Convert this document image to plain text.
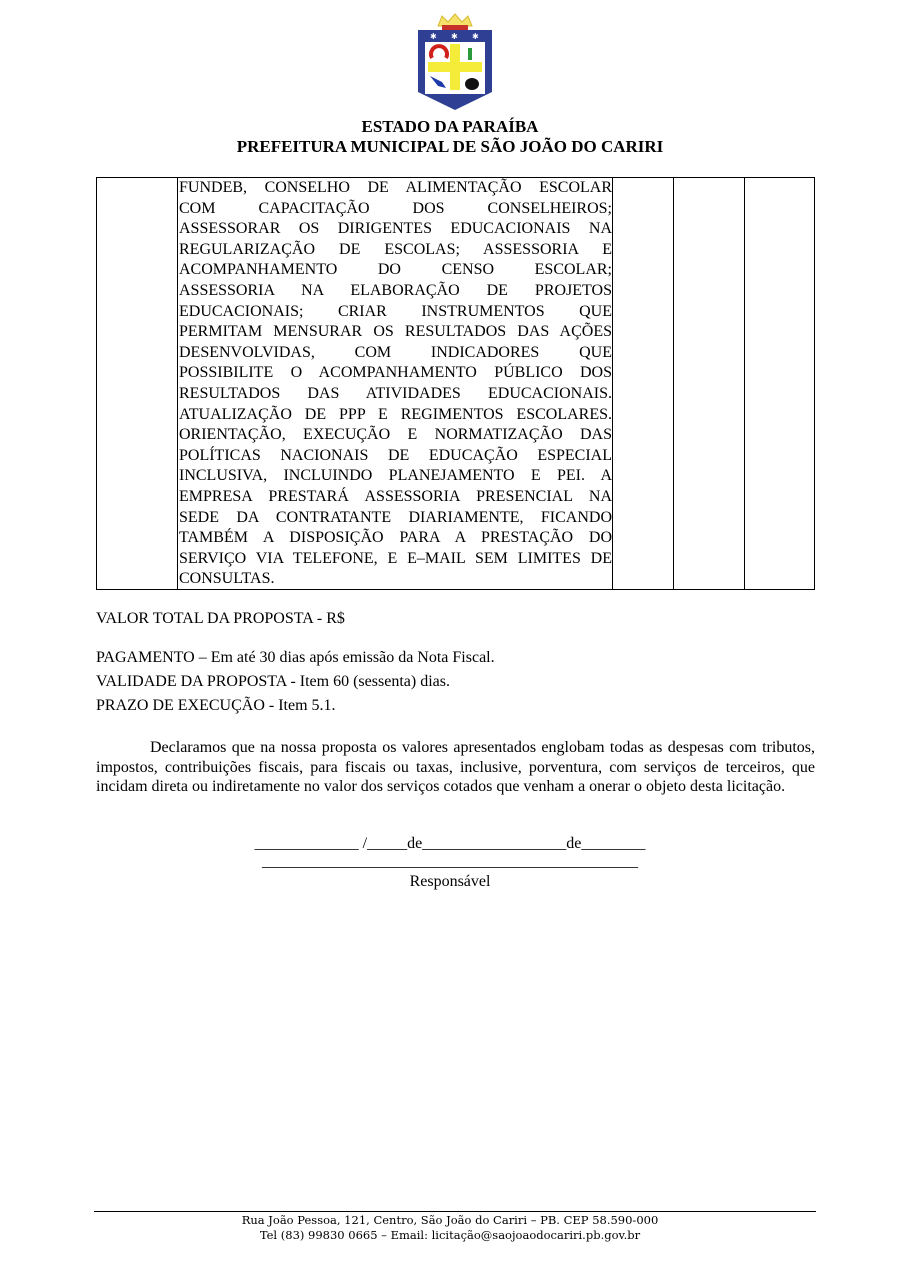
✱ ✱ ✱
ESTADO DA PARAÍBA
PREFEITURA MUNICIPAL DE SÃO JOÃO DO CARIRI
FUNDEB, CONSELHO DE ALIMENTAÇÃO ESCOLAR
COM CAPACITAÇÃO DOS CONSELHEIROS;
ASSESSORAR OS DIRIGENTES EDUCACIONAIS NA
REGULARIZAÇÃO DE ESCOLAS; ASSESSORIA E
ACOMPANHAMENTO DO CENSO ESCOLAR;
ASSESSORIA NA ELABORAÇÃO DE PROJETOS
EDUCACIONAIS; CRIAR INSTRUMENTOS QUE
PERMITAM MENSURAR OS RESULTADOS DAS AÇÕES
DESENVOLVIDAS, COM INDICADORES QUE
POSSIBILITE O ACOMPANHAMENTO PÚBLICO DOS
RESULTADOS DAS ATIVIDADES EDUCACIONAIS.
ATUALIZAÇÃO DE PPP E REGIMENTOS ESCOLARES.
ORIENTAÇÃO, EXECUÇÃO E NORMATIZAÇÃO DAS
POLÍTICAS NACIONAIS DE EDUCAÇÃO ESPECIAL
INCLUSIVA, INCLUINDO PLANEJAMENTO E PEI. A
EMPRESA PRESTARÁ ASSESSORIA PRESENCIAL NA
SEDE DA CONTRATANTE DIARIAMENTE, FICANDO
TAMBÉM A DISPOSIÇÃO PARA A PRESTAÇÃO DO
SERVIÇO VIA TELEFONE, E E–MAIL SEM LIMITES DE
CONSULTAS.
VALOR TOTAL DA PROPOSTA - R$
PAGAMENTO – Em até 30 dias após emissão da Nota Fiscal.
VALIDADE DA PROPOSTA - Item 60 (sessenta) dias.
PRAZO DE EXECUÇÃO - Item 5.1.
Declaramos que na nossa proposta os valores apresentados englobam todas as despesas com tributos, impostos, contribuições fiscais, para fiscais ou taxas, inclusive, porventura, com serviços de terceiros, que incidam direta ou indiretamente no valor dos serviços cotados que venham a onerar o objeto desta licitação.
_____________ /_____de__________________de________
_______________________________________________
Responsável
Rua João Pessoa, 121, Centro, São João do Cariri – PB. CEP 58.590-000
Tel (83) 99830 0665 – Email: licitação@saojoaodocariri.pb.gov.br
